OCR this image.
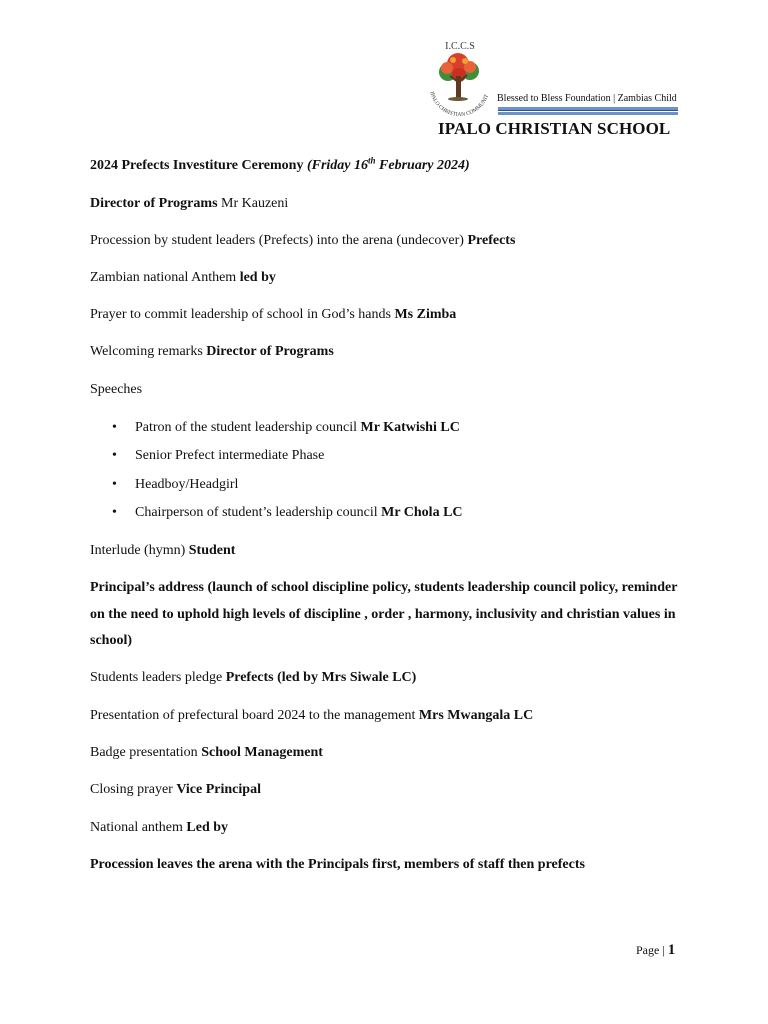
I.C.C.S
IPALO CHRISTIAN COMMUNIT Blessed to Bless Foundation | Zambias Child
IPALO CHRISTIAN SCHOOL
2024 Prefects Investiture Ceremony (Friday 16th February 2024)
Director of Programs Mr Kauzeni
Procession by student leaders (Prefects) into the arena (undecover) Prefects
Zambian national Anthem led by
Prayer to commit leadership of school in God’s hands Ms Zimba
Welcoming remarks Director of Programs
Speeches
• Patron of the student leadership council Mr Katwishi LC
• Senior Prefect intermediate Phase
• Headboy/Headgirl
• Chairperson of student’s leadership council Mr Chola LC
Interlude (hymn) Student
Principal’s address (launch of school discipline policy, students leadership council policy, reminder on the need to uphold high levels of discipline , order , harmony, inclusivity and christian values in school)
Students leaders pledge Prefects (led by Mrs Siwale LC)
Presentation of prefectural board 2024 to the management Mrs Mwangala LC
Badge presentation School Management
Closing prayer Vice Principal
National anthem Led by
Procession leaves the arena with the Principals first, members of staff then prefects
Page | 1
